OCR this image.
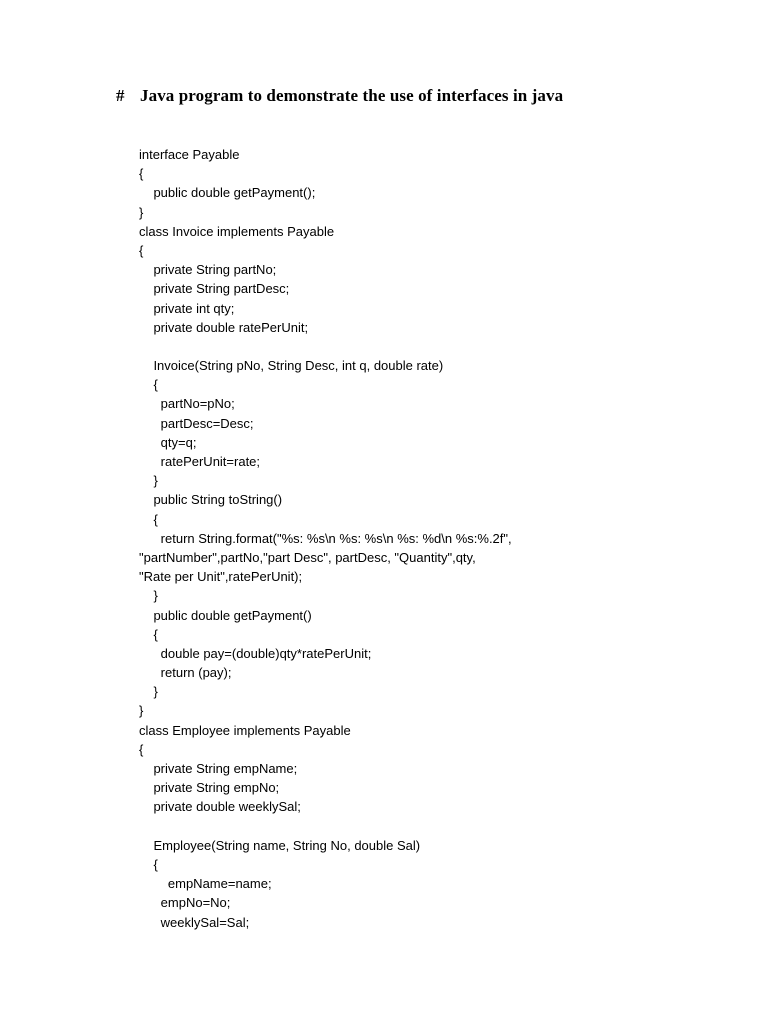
# Java program to demonstrate the use of interfaces in java
interface Payable
{
public double getPayment();
}
class Invoice implements Payable
{
private String partNo;
private String partDesc;
private int qty;
private double ratePerUnit;
Invoice(String pNo, String Desc, int q, double rate)
{
partNo=pNo;
partDesc=Desc;
qty=q;
ratePerUnit=rate;
}
public String toString()
{
return String.format("%s: %s\n %s: %s\n %s: %d\n %s:%.2f",
"partNumber",partNo,"part Desc", partDesc, "Quantity",qty,
"Rate per Unit",ratePerUnit);
}
public double getPayment()
{
double pay=(double)qty*ratePerUnit;
return (pay);
}
}
class Employee implements Payable
{
private String empName;
private String empNo;
private double weeklySal;
Employee(String name, String No, double Sal)
{
empName=name;
empNo=No;
weeklySal=Sal;
